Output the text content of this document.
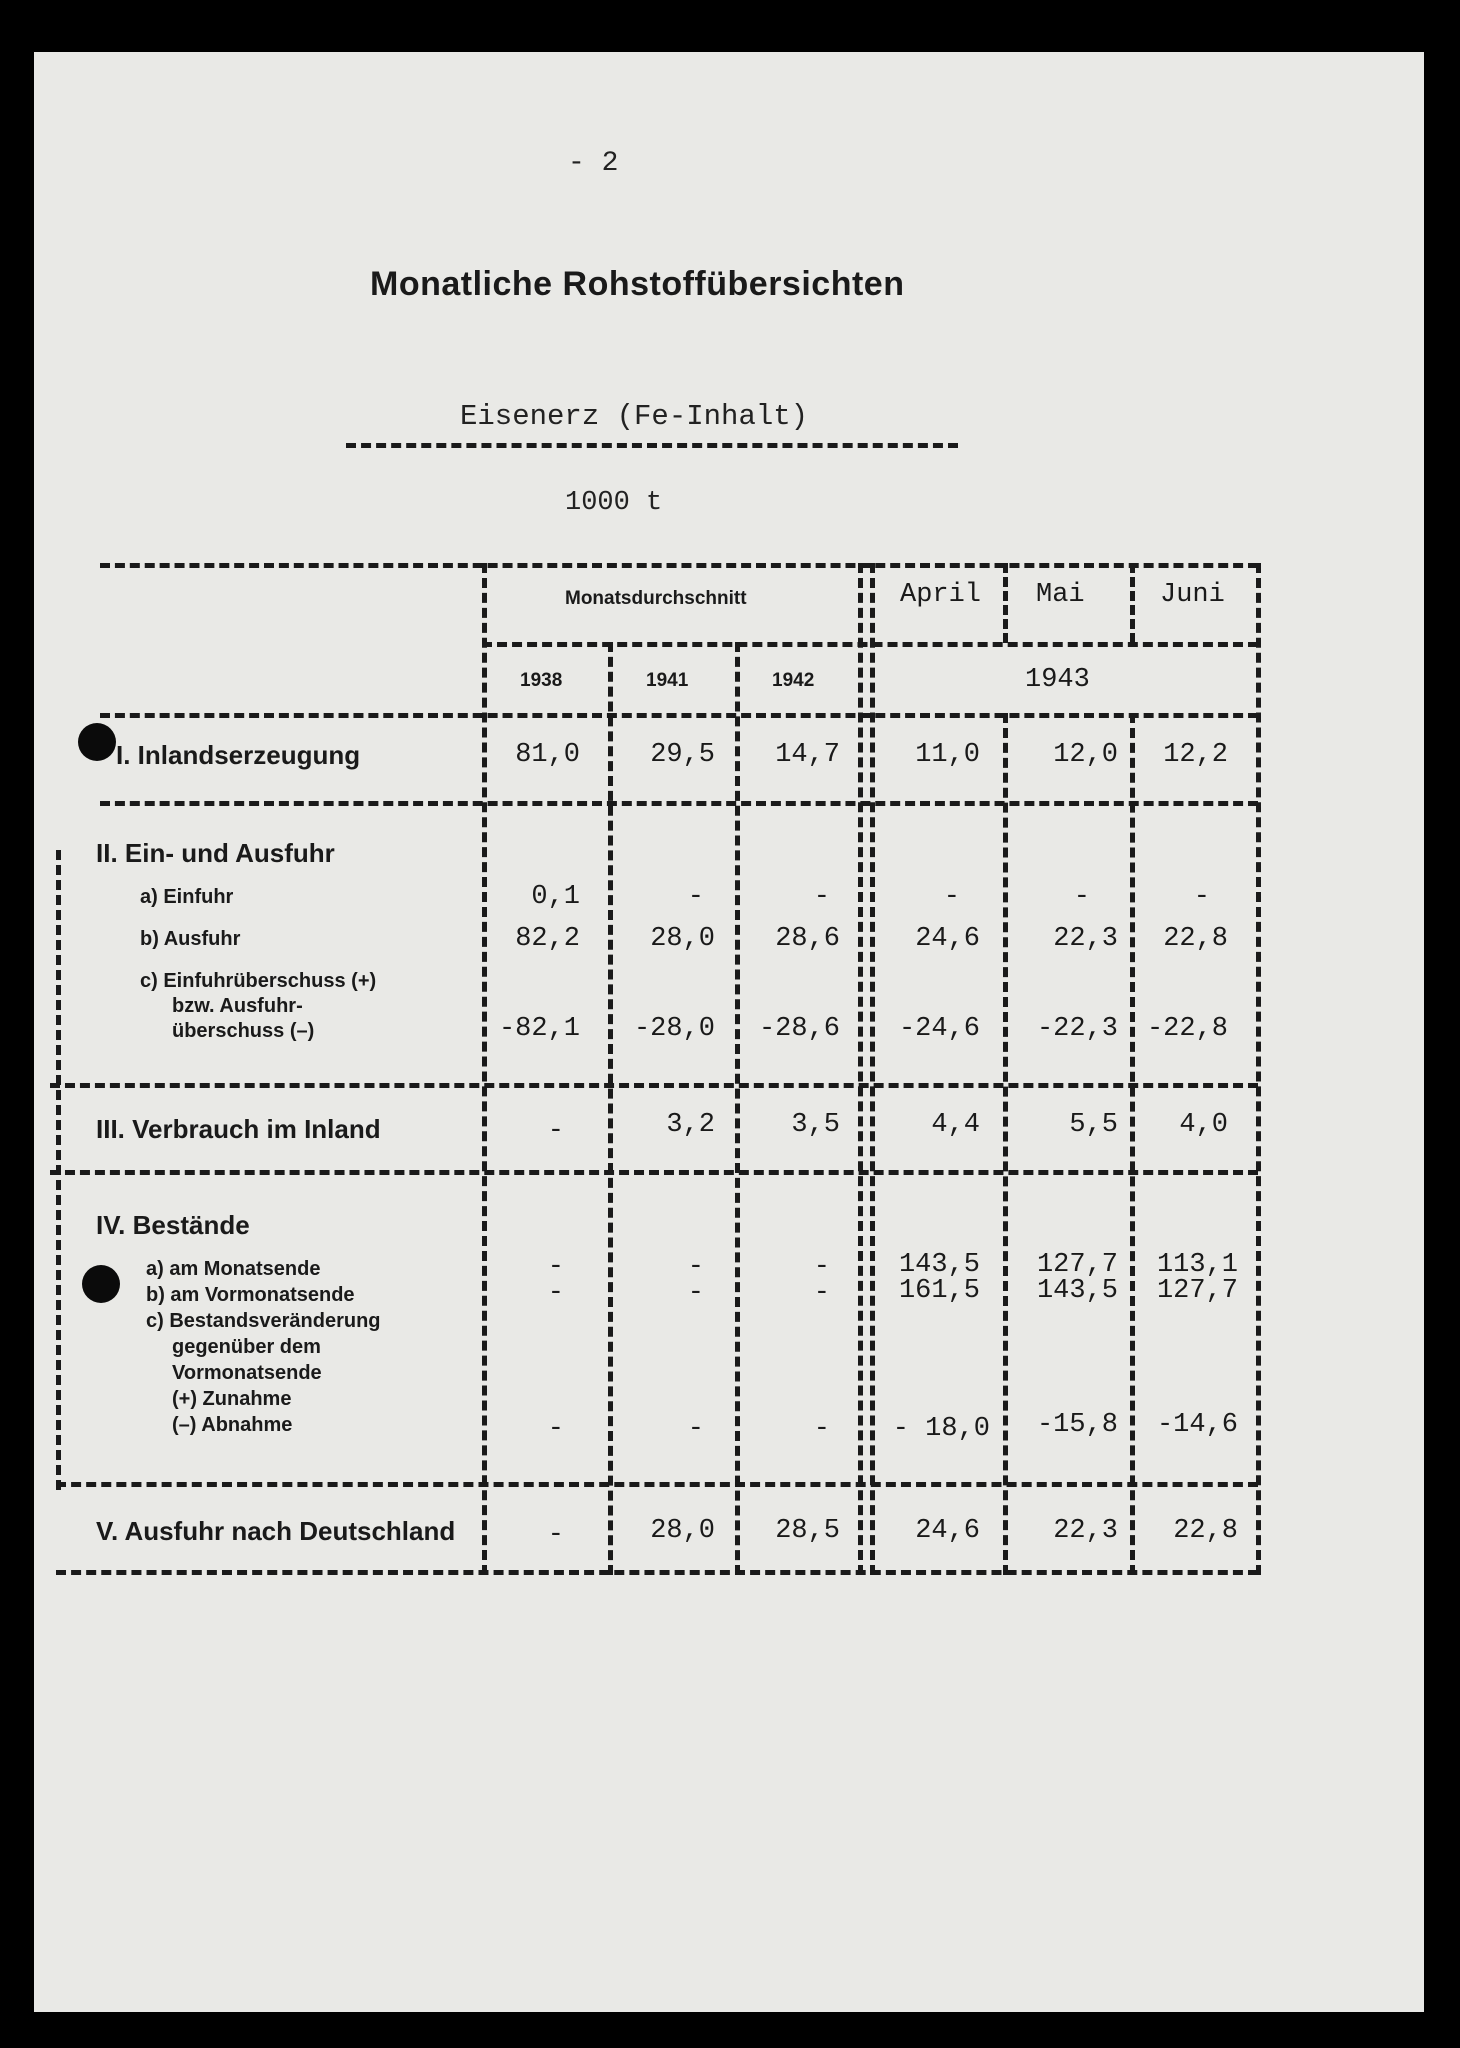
- 2
Monatliche Rohstoffübersichten
Eisenerz (Fe-Inhalt)
1000 t
Monatsdurchschnitt
1938	1941	1942
April Mai	Juni
1943
I. Inlandserzeugung	81,0	29,5	14,7	11,0	12,0	12,2
II. Ein- und Ausfuhr
a) Einfuhr	0,1	-	-	-	-	-
b) Ausfuhr	82,2	28,0	28,6	24,6	22,3	22,8
c) Einfuhrüberschuss (+)
bzw. Ausfuhr-
überschuss (–)	-82,1	-28,0	-28,6	-24,6	-22,3	-22,8
III. Verbrauch im Inland	-	3,2	3,5	4,4	5,5	4,0
IV. Bestände
a) am Monatsende	-	-	-	143,5	127,7	113,1
b) am Vormonatsende	-	-	-	161,5	143,5	127,7
c) Bestandsveränderung
gegenüber dem
Vormonatsende
(+) Zunahme
(–) Abnahme	-	-	-	- 18,0	-15,8	-14,6
V. Ausfuhr nach Deutschland	-	28,0	28,5	24,6	22,3	22,8
